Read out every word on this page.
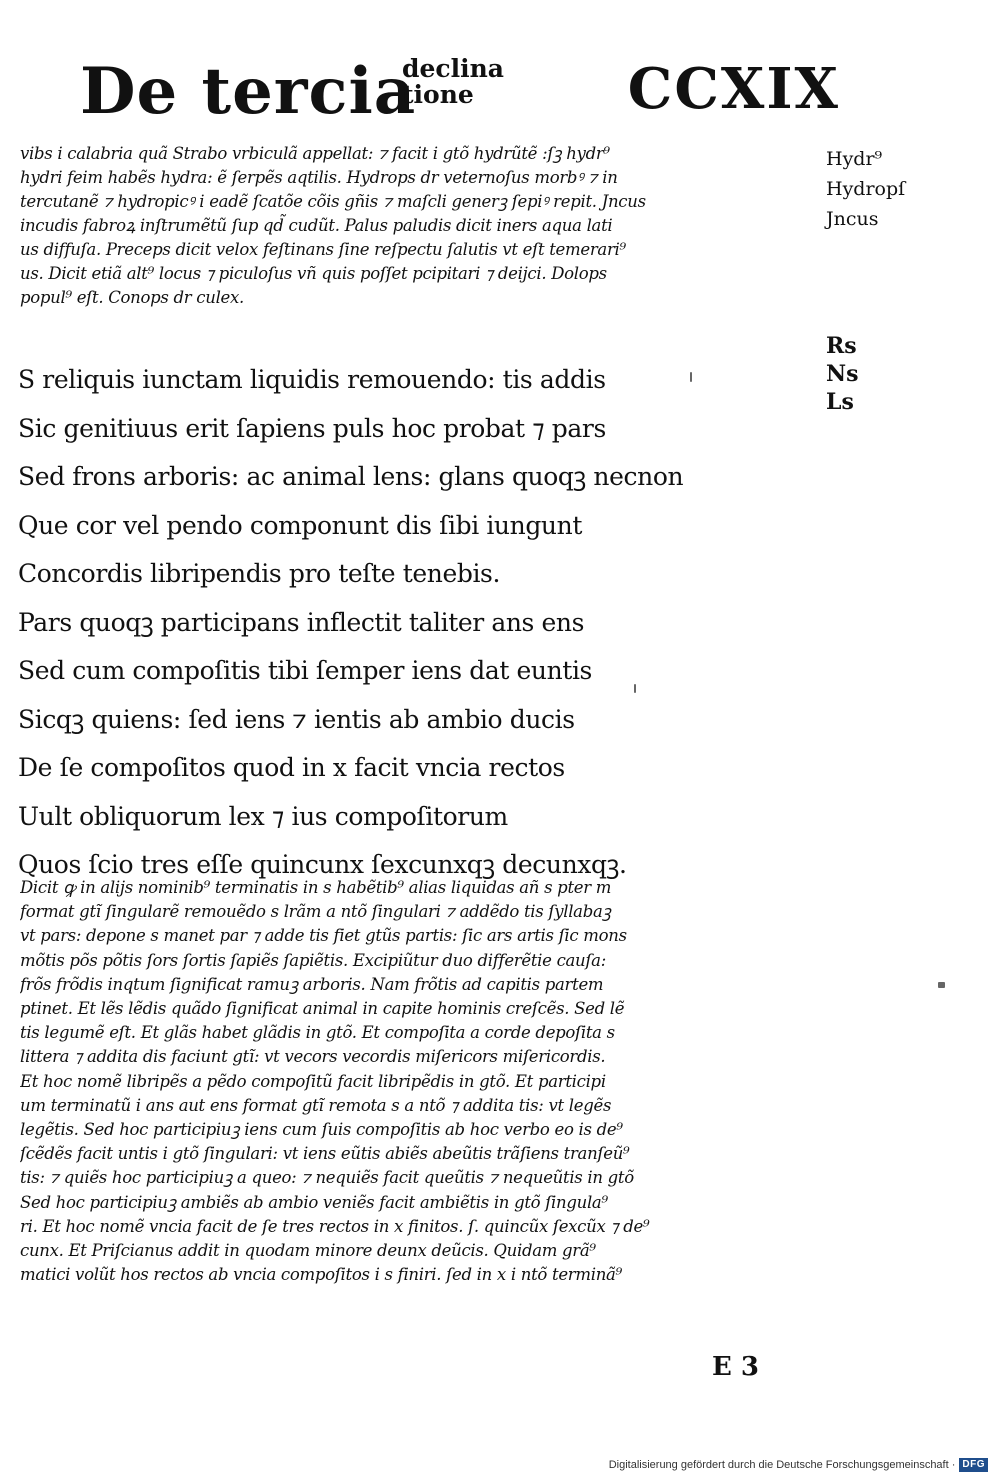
De tercia
declina
tione	CCXIX
Hydr⁹
Hydropſ
Jncus
vibs i calabria quã Strabo vrbiculã appellat: ⁊ facit i gtõ hydrũtẽ :ſꝫ hydr⁹
hydri feim habẽs hydra: ẽ ſerpẽs aqtilis. Hydrops dr veternoſus morbꝰ ⁊ in
tercutanẽ ⁊ hydropicꝰ i eadẽ ſcatõe cõis gñis ⁊ maſcli generꝫ ſepiꝰ repit. Jncus
incudis fabroꝝ inſtrumẽtũ ſup qd̃ cudũt. Palus paludis dicit iners aqua lati
us diffuſa. Preceps dicit velox feſtinans ſine reſpectu ſalutis vt eſt temerari⁹
us. Dicit etiã alt⁹ locus ⁊ piculoſus vñ quis poſſet pcipitari ⁊ deijci. Dolops
popul⁹ eſt. Conops dr culex.
Rs
Ns
Ls
S reliquis iunctam liquidis remouendo: tis addis
Sic genitiuus erit ſapiens puls hoc probat ⁊ pars
Sed frons arboris: ac animal lens: glans quoqꝫ necnon
Que cor vel pendo componunt dis ſibi iungunt
Concordis libripendis pro teſte tenebis.
Pars quoqꝫ participans inflectit taliter ans ens
Sed cum compoſitis tibi ſemper iens dat euntis
Sicqꝫ quiens: ſed iens ⁊ ientis ab ambio ducis
De ſe compoſitos quod in x facit vncia rectos
Uult obliquorum lex ⁊ ius compoſitorum
Quos ſcio tres eſſe quincunx ſexcunxqꝫ decunxqꝫ.
Dicit ꝙ in alijs nominib⁹ terminatis in s habẽtib⁹ alias liquidas añ s pter m
format gtĩ ſingularẽ remouẽdo s lrãm a ntõ ſingulari ⁊ addẽdo tis ſyllabaꝫ
vt pars: depone s manet par ⁊ adde tis fiet gtũs partis: ſic ars artis ſic mons
mõtis põs põtis ſors ſortis ſapiẽs ſapiẽtis. Excipiũtur duo differẽtie cauſa:
frõs frõdis inqtum ſignificat ramuꝫ arboris. Nam frõtis ad capitis partem
ptinet. Et lẽs lẽdis quãdo ſignificat animal in capite hominis creſcẽs. Sed lẽ
tis legumẽ eſt. Et glãs habet glãdis in gtõ. Et compoſita a corde depoſita s
littera ⁊ addita dis faciunt gtĩ: vt vecors vecordis miſericors miſericordis.
Et hoc nomẽ libripẽs a pẽdo compoſitũ facit libripẽdis in gtõ. Et participi
um terminatũ i ans aut ens format gtĩ remota s a ntõ ⁊ addita tis: vt legẽs
legẽtis. Sed hoc participiuꝫ iens cum ſuis compoſitis ab hoc verbo eo is de⁹
ſcẽdẽs facit untis i gtõ ſingulari: vt iens eũtis abiẽs abeũtis trãſiens tranſeũ⁹
tis: ⁊ quiẽs hoc participiuꝫ a queo: ⁊ nequiẽs facit queũtis ⁊ nequeũtis in gtõ
Sed hoc participiuꝫ ambiẽs ab ambio veniẽs facit ambiẽtis in gtõ ſingula⁹
ri. Et hoc nomẽ vncia facit de ſe tres rectos in x finitos. ſ. quincũx ſexcũx ⁊ de⁹
cunx. Et Priſcianus addit in quodam minore deunx deũcis. Quidam grã⁹
matici volũt hos rectos ab vncia compoſitos i s finiri. ſed in x i ntõ terminã⁹
E 3
Digitalisierung gefördert durch die Deutsche Forschungsgemeinschaft · DFG
